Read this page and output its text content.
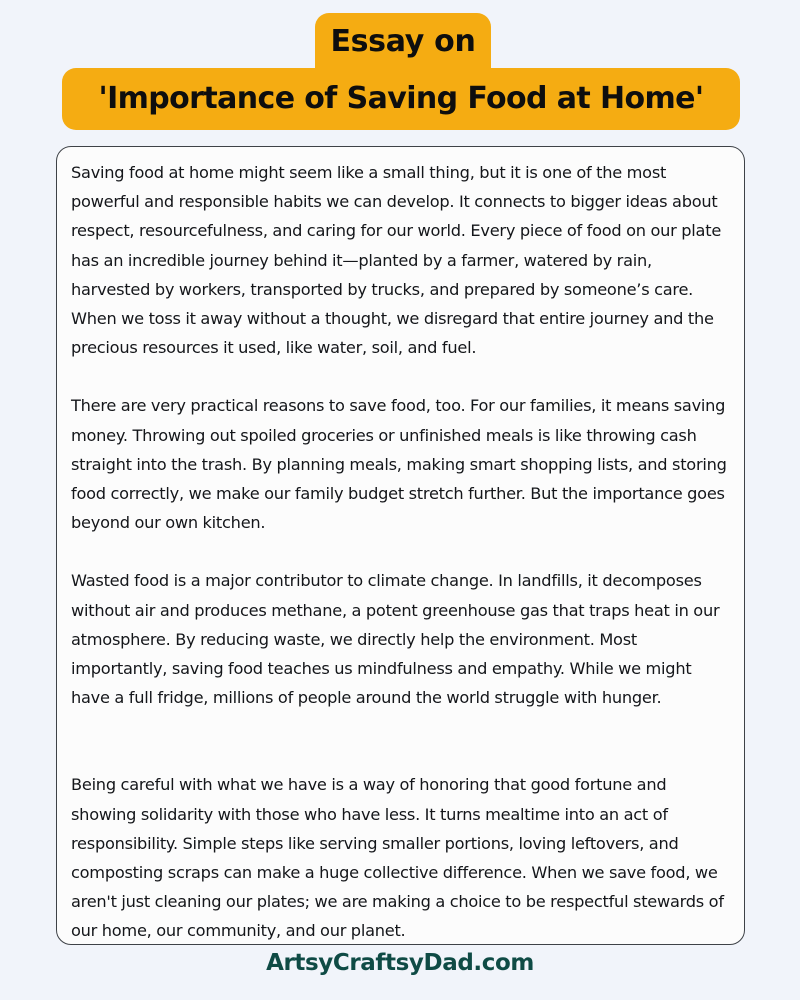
Essay on
'Importance of Saving Food at Home'

Saving food at home might seem like a small thing, but it is one of the most powerful and responsible habits we can develop. It connects to bigger ideas about respect, resourcefulness, and caring for our world. Every piece of food on our plate has an incredible journey behind it—planted by a farmer, watered by rain, harvested by workers, transported by trucks, and prepared by someone’s care. When we toss it away without a thought, we disregard that entire journey and the precious resources it used, like water, soil, and fuel.

There are very practical reasons to save food, too. For our families, it means saving money. Throwing out spoiled groceries or unfinished meals is like throwing cash straight into the trash. By planning meals, making smart shopping lists, and storing food correctly, we make our family budget stretch further. But the importance goes beyond our own kitchen.

Wasted food is a major contributor to climate change. In landfills, it decomposes without air and produces methane, a potent greenhouse gas that traps heat in our atmosphere. By reducing waste, we directly help the environment. Most importantly, saving food teaches us mindfulness and empathy. While we might have a full fridge, millions of people around the world struggle with hunger.

Being careful with what we have is a way of honoring that good fortune and showing solidarity with those who have less. It turns mealtime into an act of responsibility. Simple steps like serving smaller portions, loving leftovers, and composting scraps can make a huge collective difference. When we save food, we aren't just cleaning our plates; we are making a choice to be respectful stewards of our home, our community, and our planet.

ArtsyCraftsyDad.com
